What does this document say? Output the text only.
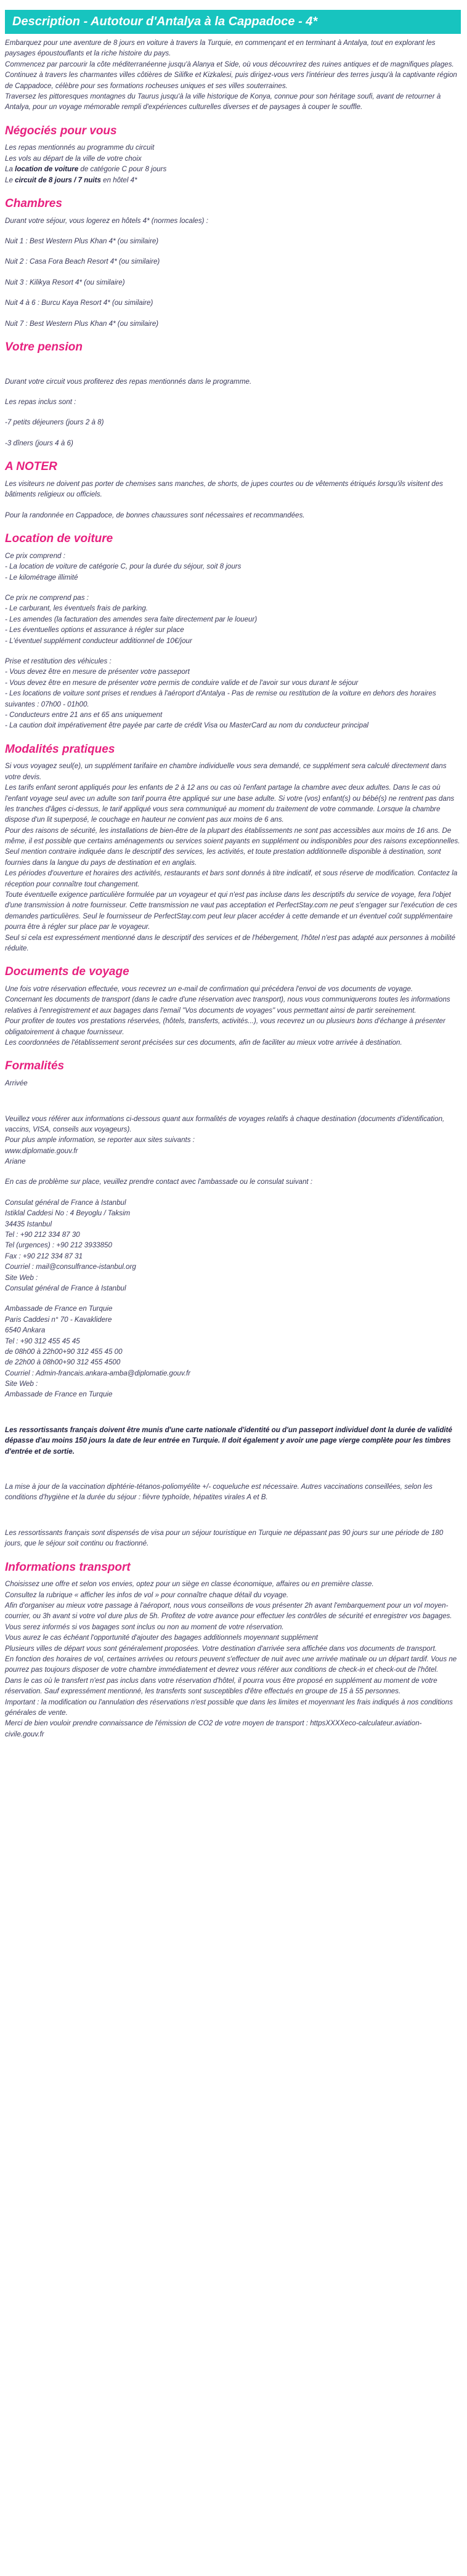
Description - Autotour d'Antalya à la Cappadoce - 4*

Embarquez pour une aventure de 8 jours en voiture à travers la Turquie, en commençant et en terminant à Antalya, tout en explorant les paysages époustouflants et la riche histoire du pays.

Commencez par parcourir la côte méditerranéenne jusqu'à Alanya et Side, où vous découvrirez des ruines antiques et de magnifiques plages.

Continuez à travers les charmantes villes côtières de Silifke et Kizkalesi, puis dirigez-vous vers l'intérieur des terres jusqu'à la captivante région de Cappadoce, célèbre pour ses formations rocheuses uniques et ses villes souterraines.

Traversez les pittoresques montagnes du Taurus jusqu'à la ville historique de Konya, connue pour son héritage soufi, avant de retourner à Antalya, pour un voyage mémorable rempli d'expériences culturelles diverses et de paysages à couper le souffle.

Négociés pour vous

Les repas mentionnés au programme du circuit

Les vols au départ de la ville de votre choix

La location de voiture de catégorie C pour 8 jours

Le circuit de 8 jours / 7 nuits en hôtel 4*

Chambres

Durant votre séjour, vous logerez en hôtels 4* (normes locales) :

Nuit 1 : Best Western Plus Khan 4* (ou similaire)

Nuit 2 : Casa Fora Beach Resort 4* (ou similaire)

Nuit 3 : Kilikya Resort 4* (ou similaire)

Nuit 4 à 6 : Burcu Kaya Resort 4* (ou similaire)

Nuit 7 : Best Western Plus Khan 4* (ou similaire)

Votre pension

Durant votre circuit vous profiterez des repas mentionnés dans le programme.

Les repas inclus sont :

-7 petits déjeuners (jours 2 à 8)

-3 dîners (jours 4 à 6)

A NOTER

Les visiteurs ne doivent pas porter de chemises sans manches, de shorts, de jupes courtes ou de vêtements étriqués lorsqu'ils visitent des bâtiments religieux ou officiels.

Pour la randonnée en Cappadoce, de bonnes chaussures sont nécessaires et recommandées.

Location de voiture

Ce prix comprend :

- La location de voiture de catégorie C, pour la durée du séjour, soit 8 jours

- Le kilométrage illimité

Ce prix ne comprend pas :

- Le carburant, les éventuels frais de parking.

- Les amendes (la facturation des amendes sera faite directement par le loueur)

- Les éventuelles options et assurance à régler sur place

- L'éventuel supplément conducteur additionnel de 10€/jour

Prise et restitution des véhicules :

- Vous devez être en mesure de présenter votre passeport

- Vous devez être en mesure de présenter votre permis de conduire valide et de l'avoir sur vous durant le séjour

- Les locations de voiture sont prises et rendues à l'aéroport d'Antalya - Pas de remise ou restitution de la voiture en dehors des horaires suivantes : 07h00 - 01h00.

- Conducteurs entre 21 ans et 65 ans uniquement

- La caution doit impérativement être payée par carte de crédit Visa ou MasterCard au nom du conducteur principal

Modalités pratiques

Si vous voyagez seul(e), un supplément tarifaire en chambre individuelle vous sera demandé, ce supplément sera calculé directement dans votre devis.

Les tarifs enfant seront appliqués pour les enfants de 2 à 12 ans ou cas où l'enfant partage la chambre avec deux adultes. Dans le cas où l'enfant voyage seul avec un adulte son tarif pourra être appliqué sur une base adulte. Si votre (vos) enfant(s) ou bébé(s) ne rentrent pas dans les tranches d'âges ci-dessus, le tarif appliqué vous sera communiqué au moment du traitement de votre commande. Lorsque la chambre dispose d'un lit superposé, le couchage en hauteur ne convient pas aux moins de 6 ans.

Pour des raisons de sécurité, les installations de bien-être de la plupart des établissements ne sont pas accessibles aux moins de 16 ans. De même, il est possible que certains aménagements ou services soient payants en supplément ou indisponibles pour des raisons exceptionnelles.

Seul mention contraire indiquée dans le descriptif des services, les activités, et toute prestation additionnelle disponible à destination, sont fournies dans la langue du pays de destination et en anglais.

Les périodes d'ouverture et horaires des activités, restaurants et bars sont donnés à titre indicatif, et sous réserve de modification. Contactez la réception pour connaître tout changement.

Toute éventuelle exigence particulière formulée par un voyageur et qui n'est pas incluse dans les descriptifs du service de voyage, fera l'objet d'une transmission à notre fournisseur. Cette transmission ne vaut pas acceptation et PerfectStay.com ne peut s'engager sur l'exécution de ces demandes particulières. Seul le fournisseur de PerfectStay.com peut leur placer accéder à cette demande et un éventuel coût supplémentaire pourra être à régler sur place par le voyageur.

Seul si cela est expressément mentionné dans le descriptif des services et de l'hébergement, l'hôtel n'est pas adapté aux personnes à mobilité réduite.

Documents de voyage

Une fois votre réservation effectuée, vous recevrez un e-mail de confirmation qui précédera l'envoi de vos documents de voyage.

Concernant les documents de transport (dans le cadre d'une réservation avec transport), nous vous communiquerons toutes les informations relatives à l'enregistrement et aux bagages dans l'email "Vos documents de voyages" vous permettant ainsi de partir sereinement.

Pour profiter de toutes vos prestations réservées, (hôtels, transferts, activités...), vous recevrez un ou plusieurs bons d'échange à présenter obligatoirement à chaque fournisseur.

Les coordonnées de l'établissement seront précisées sur ces documents, afin de faciliter au mieux votre arrivée à destination.

Formalités

Arrivée

Veuillez vous référer aux informations ci-dessous quant aux formalités de voyages relatifs à chaque destination (documents d'identification, vaccins, VISA, conseils aux voyageurs).

Pour plus ample information, se reporter aux sites suivants :

www.diplomatie.gouv.fr

Ariane

En cas de problème sur place, veuillez prendre contact avec l'ambassade ou le consulat suivant :

Consulat général de France à Istanbul

Istiklal Caddesi No : 4 Beyoglu / Taksim

34435 Istanbul

Tel : +90 212 334 87 30

Tel (urgences) : +90 212 3933850

Fax : +90 212 334 87 31

Courriel : mail@consulfrance-istanbul.org

Site Web :

Consulat général de France à Istanbul

Ambassade de France en Turquie

Paris Caddesi n° 70 - Kavaklidere

6540 Ankara

Tel : +90 312 455 45 45

de 08h00 à 22h00+90 312 455 45 00

de 22h00 à 08h00+90 312 455 4500

Courriel : Admin-francais.ankara-amba@diplomatie.gouv.fr

Site Web :

Ambassade de France en Turquie

Les ressortissants français doivent être munis d'une carte nationale d'identité ou d'un passeport individuel dont la durée de validité dépasse d'au moins 150 jours la date de leur entrée en Turquie. Il doit également y avoir une page vierge complète pour les timbres d'entrée et de sortie.

La mise à jour de la vaccination diphtérie-tétanos-poliomyélite +/- coqueluche est nécessaire. Autres vaccinations conseillées, selon les conditions d'hygiène et la durée du séjour : fièvre typhoïde, hépatites virales A et B.

Les ressortissants français sont dispensés de visa pour un séjour touristique en Turquie ne dépassant pas 90 jours sur une période de 180 jours, que le séjour soit continu ou fractionné.

Informations transport

Choisissez une offre et selon vos envies, optez pour un siège en classe économique, affaires ou en première classe.

Consultez la rubrique « afficher les infos de vol » pour connaître chaque détail du voyage.

Afin d'organiser au mieux votre passage à l'aéroport, nous vous conseillons de vous présenter 2h avant l'embarquement pour un vol moyen-courrier, ou 3h avant si votre vol dure plus de 5h. Profitez de votre avance pour effectuer les contrôles de sécurité et enregistrer vos bagages.

Vous serez informés si vos bagages sont inclus ou non au moment de votre réservation.

Vous aurez le cas échéant l'opportunité d'ajouter des bagages additionnels moyennant supplément

Plusieurs villes de départ vous sont généralement proposées. Votre destination d'arrivée sera affichée dans vos documents de transport.

En fonction des horaires de vol, certaines arrivées ou retours peuvent s'effectuer de nuit avec une arrivée matinale ou un départ tardif. Vous ne pourrez pas toujours disposer de votre chambre immédiatement et devrez vous référer aux conditions de check-in et check-out de l'hôtel.

Dans le cas où le transfert n'est pas inclus dans votre réservation d'hôtel, il pourra vous être proposé en supplément au moment de votre réservation. Sauf expressément mentionné, les transferts sont susceptibles d'être effectués en groupe de 15 à 55 personnes.

Important : la modification ou l'annulation des réservations n'est possible que dans les limites et moyennant les frais indiqués à nos conditions générales de vente.

Merci de bien vouloir prendre connaissance de l'émission de CO2 de votre moyen de transport : httpsXXXXeco-calculateur.aviation-civile.gouv.fr
